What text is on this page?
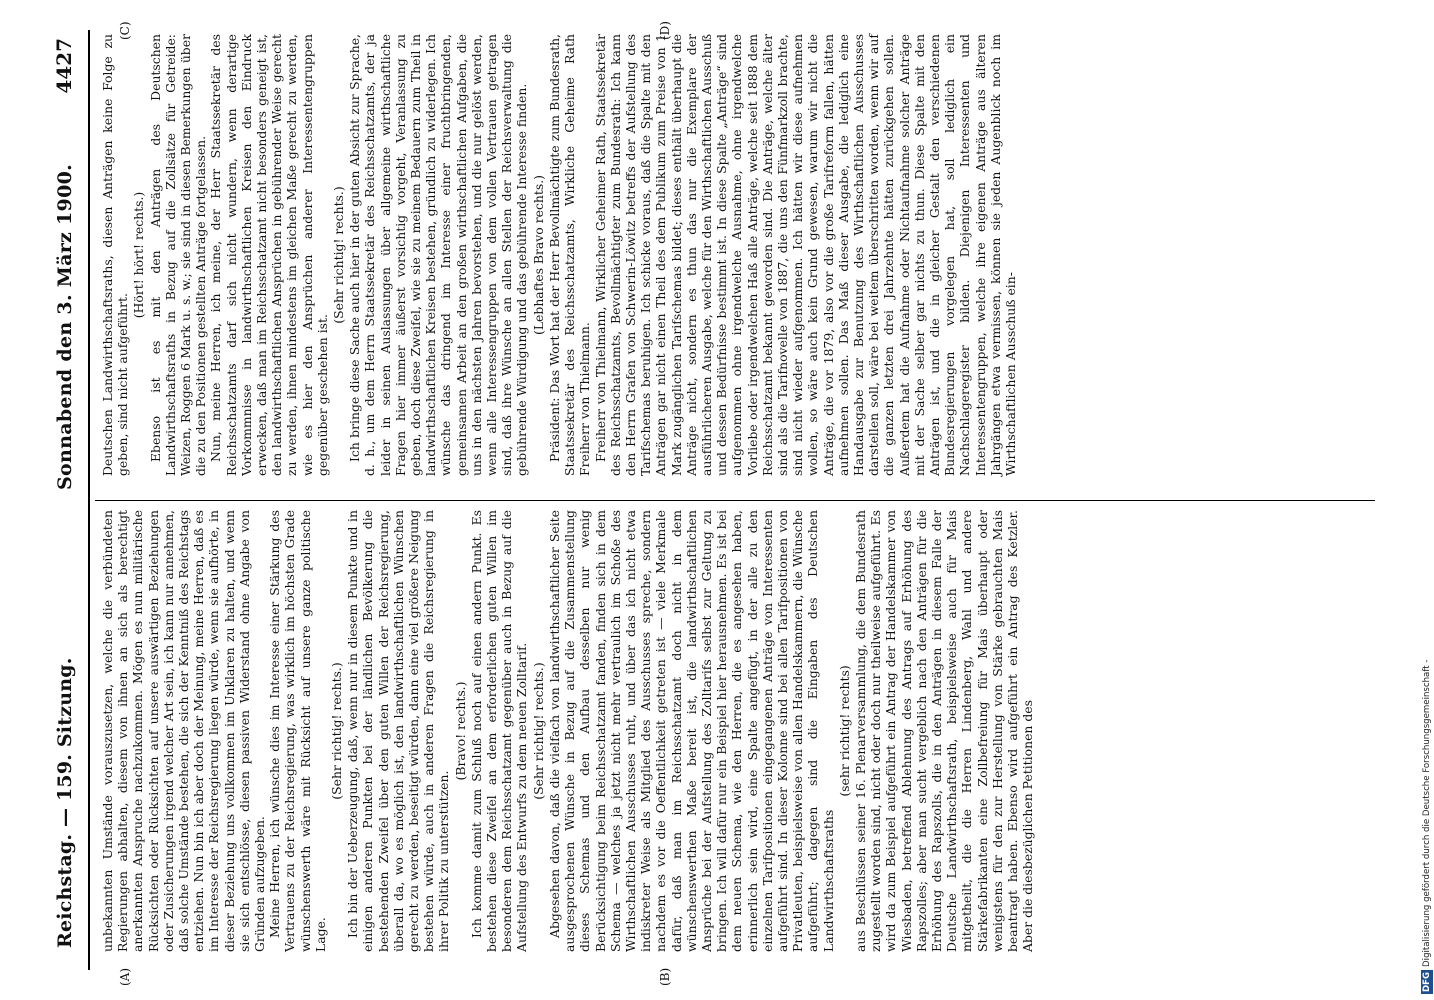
Reichstag. — 159. Sitzung.
Sonnabend den 3. März 1900.
4427
(A)	(B)
(C)	(D)

unbekannten Umstände vorauszusetzen, welche die verbündeten Regierungen abhalten, diesem von ihnen an sich als berechtigt anerkannten Anspruche nachzukommen. Mögen es nun militärische Rücksichten oder Rücksichten auf unsere auswärtigen Beziehungen oder Zusicherungen irgend welcher Art sein, ich kann nur annehmen, daß solche Umstände bestehen, die sich der Kenntniß des Reichstags entziehen. Nun bin ich aber doch der Meinung, meine Herren, daß es im Interesse der Reichsregierung liegen würde, wenn sie aufhörte, in dieser Beziehung uns vollkommen im Unklaren zu halten, und wenn sie sich entschlösse, diesen passiven Widerstand ohne Angabe von Gründen aufzugeben. Meine Herren, ich wünsche dies im Interesse einer Stärkung des Vertrauens zu der Reichsregierung, was wirklich im höchsten Grade wünschenswerth wäre mit Rücksicht auf unsere ganze politische Lage.

(Sehr richtig! rechts.) Ich bin der Ueberzeugung, daß, wenn nur in diesem Punkte und in einigen anderen Punkten bei der ländlichen Bevölkerung die bestehenden Zweifel über den guten Willen der Reichsregierung, überall da, wo es möglich ist, den landwirthschaftlichen Wünschen gerecht zu werden, beseitigt würden, dann eine viel größere Neigung bestehen würde, auch in anderen Fragen die Reichsregierung in ihrer Politik zu unterstützen.

(Bravo! rechts.) Ich komme damit zum Schluß noch auf einen andern Punkt. Es bestehen diese Zweifel an dem erforderlichen guten Willen im besonderen dem Reichsschatzamt gegenüber auch in Bezug auf die Aufstellung des Entwurfs zu dem neuen Zolltarif. (Sehr richtig! rechts.) Abgesehen davon, daß die vielfach von landwirthschaftlicher Seite ausgesprochenen Wünsche in Bezug auf die Zusammenstellung dieses Schemas und den Aufbau desselben nur wenig Berücksichtigung beim Reichsschatzamt fanden, finden sich in dem Schema — welches ja jetzt nicht mehr vertraulich im Schoße des Wirthschaftlichen Ausschusses ruht, und über das ich nicht etwa indiskreter Weise als Mitglied des Ausschusses spreche, sondern nachdem es vor die Oeffentlichkeit getreten ist — viele Merkmale dafür, daß man im Reichsschatzamt doch nicht in dem wünschenswerthen Maße bereit ist, die landwirthschaftlichen Ansprüche bei der Aufstellung des Zolltarifs selbst zur Geltung zu bringen. Ich will dafür nur ein Beispiel hier herausnehmen. Es ist bei dem neuen Schema, wie den Herren, die es angesehen haben, erinnerlich sein wird, eine Spalte angefügt, in der alle zu den einzelnen Tarifpositionen eingegangenen Anträge von Interessenten aufgeführt sind. In dieser Kolonne sind bei allen Tarifpositionen von Privatleuten, beispielsweise von allen Handelskammern, die Wünsche aufgeführt; dagegen sind die Eingaben des Deutschen Landwirthschaftsraths

(sehr richtig! rechts) aus Beschlüssen seiner 16. Plenarversammlung, die dem Bundesrath zugestellt worden sind, nicht oder doch nur theilweise aufgeführt. Es wird da zum Beispiel aufgeführt ein Antrag der Handelskammer von Wiesbaden, betreffend Ablehnung des Antrags auf Erhöhung des Rapszolles; aber man sucht vergeblich nach den Anträgen für die Erhöhung des Rapszolls, die in den Anträgen in diesem Falle der Deutsche Landwirthschaftsrath, beispielsweise auch für Mais mitgetheilt, die die Herren Lindenberg, Wahl und andere Stärkefabrikanten eine Zollbefreiung für Mais überhaupt oder wenigstens für den zur Herstellung von Stärke gebrauchten Mais beantragt haben. Ebenso wird aufgeführt ein Antrag des Ketzler. Aber die diesbezüglichen Petitionen des

Deutschen Landwirthschaftsraths, diesen Anträgen keine Folge zu geben, sind nicht aufgeführt.

(Hört! hört! rechts.) Ebenso ist es mit den Anträgen des Deutschen Landwirthschaftsraths in Bezug auf die Zollsätze für Getreide: Weizen, Roggen 6 Mark u. s. w.; sie sind in diesen Bemerkungen über die zu den Positionen gestellten Anträge fortgelassen. Nun, meine Herren, ich meine, der Herr Staatssekretär des Reichsschatzamts darf sich nicht wundern, wenn derartige Vorkommnisse in landwirthschaftlichen Kreisen den Eindruck erwecken, daß man im Reichsschatzamt nicht besonders geneigt ist, den landwirthschaftlichen Ansprüchen in gebührender Weise gerecht zu werden, ihnen mindestens im gleichen Maße gerecht zu werden, wie es hier den Ansprüchen anderer Interessentengruppen gegenüber geschehen ist.

(Sehr richtig! rechts.) Ich bringe diese Sache auch hier in der guten Absicht zur Sprache, d. h., um dem Herrn Staatssekretär des Reichsschatzamts, der ja leider in seinen Auslassungen über allgemeine wirthschaftliche Fragen hier immer äußerst vorsichtig vorgeht, Veranlassung zu geben, doch diese Zweifel, wie sie zu meinem Bedauern zum Theil in landwirthschaftlichen Kreisen bestehen, gründlich zu widerlegen. Ich wünsche das dringend im Interesse einer fruchtbringenden, gemeinsamen Arbeit an den großen wirthschaftlichen Aufgaben, die uns in den nächsten Jahren bevorstehen, und die nur gelöst werden, wenn alle Interessengruppen von dem vollen Vertrauen getragen sind, daß ihre Wünsche an allen Stellen der Reichsverwaltung die gebührende Würdigung und das gebührende Interesse finden. (Lebhaftes Bravo rechts.) Präsident: Das Wort hat der Herr Bevollmächtigte zum Bundesrath, Staatssekretär des Reichsschatzamts, Wirkliche Geheime Rath Freiherr von Thielmann. Freiherr von Thielmann, Wirklicher Geheimer Rath, Staatssekretär des Reichsschatzamts, Bevollmächtigter zum Bundesrath: Ich kann den Herrn Grafen von Schwerin-Löwitz betreffs der Aufstellung des Tarifschemas beruhigen. Ich schicke voraus, daß die Spalte mit den Anträgen gar nicht einen Theil des dem Publikum zum Preise von 1 Mark zugänglichen Tarifschemas bildet; dieses enthält überhaupt die Anträge nicht, sondern es thun das nur die Exemplare der ausführlicheren Ausgabe, welche für den Wirthschaftlichen Ausschuß und dessen Bedürfnisse bestimmt ist. In diese Spalte „Anträge“ sind aufgenommen ohne irgendwelche Ausnahme, ohne irgendwelche Vorliebe oder irgendwelchen Haß alle Anträge, welche seit 1888 dem Reichsschatzamt bekannt geworden sind. Die Anträge, welche älter sind als die Tarifnovelle von 1887, die uns den Fünfmarkzoll brachte, sind nicht wieder aufgenommen. Ich hätten wir diese aufnehmen wollen, so wäre auch kein Grund gewesen, warum wir nicht die Anträge, die vor 1879, also vor die große Tarifreform fallen, hätten aufnehmen sollen. Das Maß dieser Ausgabe, die lediglich eine Handausgabe zur Benutzung des Wirthschaftlichen Ausschusses darstellen soll, wäre bei weitem überschritten worden, wenn wir auf die ganzen letzten drei Jahrzehnte hätten zurückgehen sollen. Außerdem hat die Aufnahme oder Nichtaufnahme solcher Anträge mit der Sache selber gar nichts zu thun. Diese Spalte mit den Anträgen ist, und die in gleicher Gestalt den verschiedenen Bundesregierungen vorgelegen hat, soll lediglich ein Nachschlageregister bilden. Diejenigen Interessenten und Interessentengruppen, welche ihre eigenen Anträge aus älteren Jahrgängen etwa vermissen, können sie jeden Augenblick noch im Wirthschaftlichen Ausschuß ein-

DFGDigitalisierung gefördert durch die Deutsche Forschungsgemeinschaft -
